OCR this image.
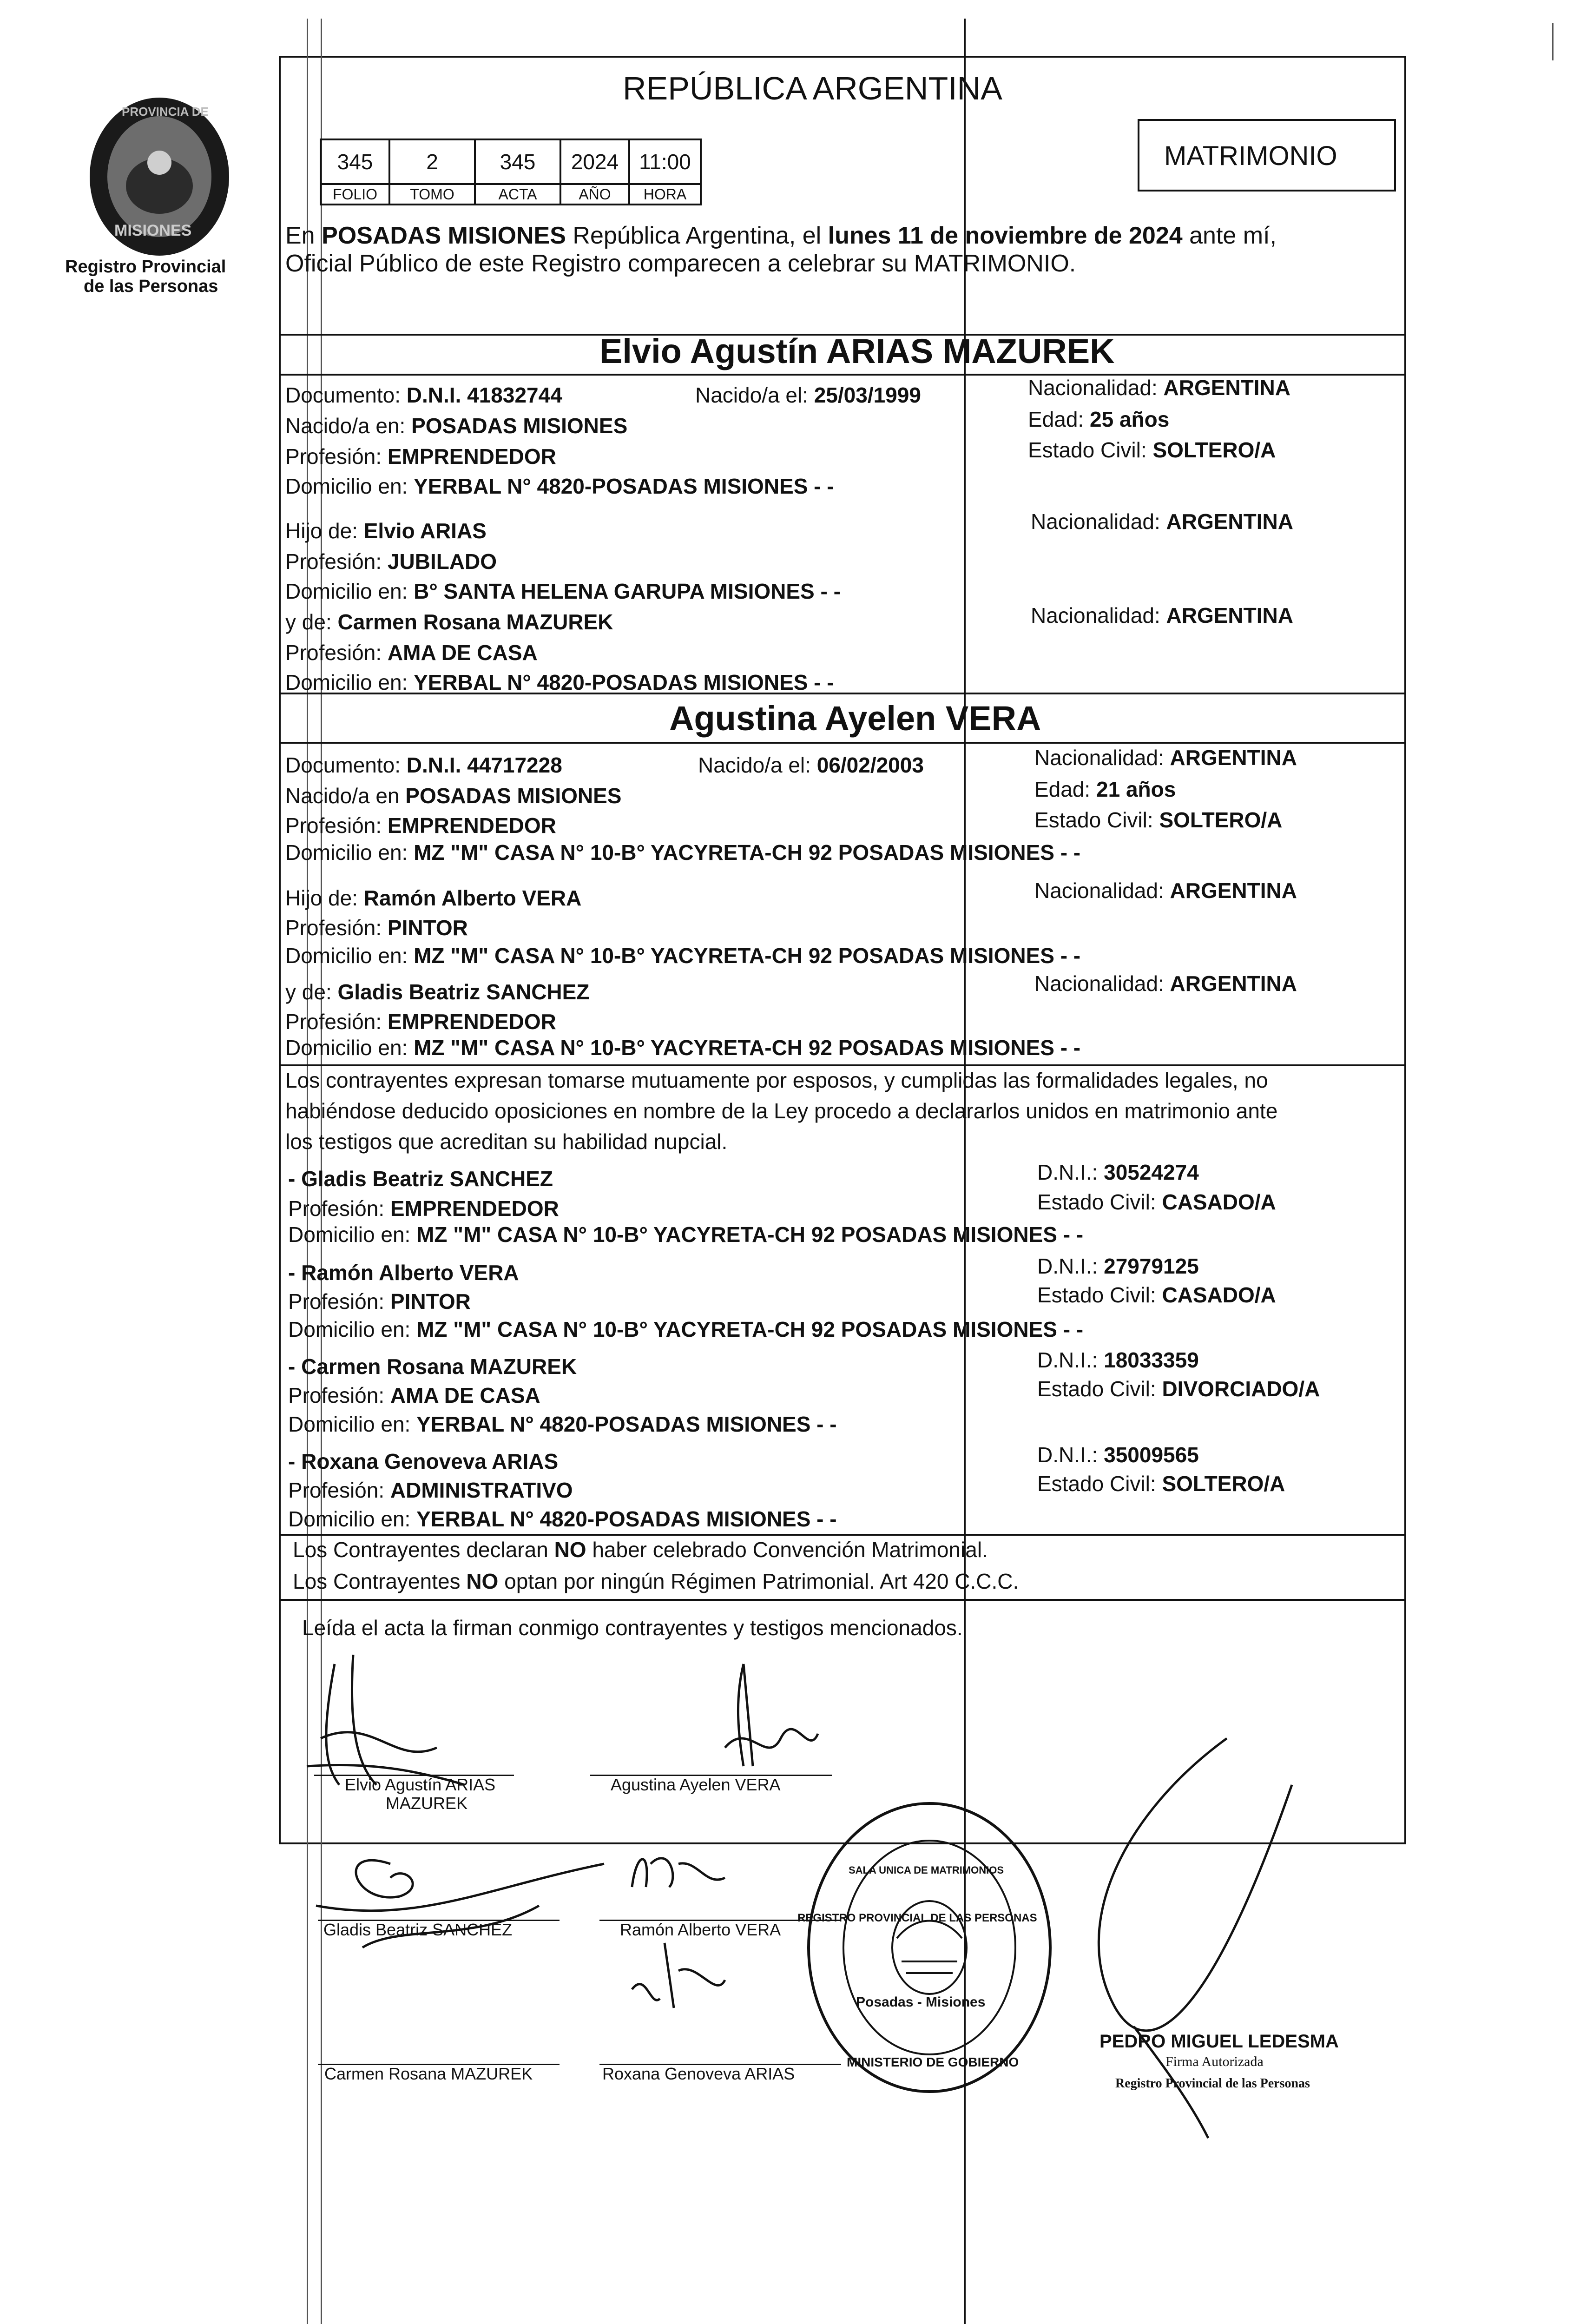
PROVINCIA DE
MISIONES
Registro Provincial
de las Personas
REPÚBLICA ARGENTINA
345	2	345	2024	11:00
FOLIO	TOMO	ACTA	AÑO	HORA
MATRIMONIO
En POSADAS MISIONES República Argentina, el lunes 11 de noviembre de 2024 ante mí,
Oficial Público de este Registro comparecen a celebrar su MATRIMONIO.
Elvio Agustín ARIAS MAZUREK
Documento: D.N.I. 41832744	Nacido/a el: 25/03/1999	Nacionalidad: ARGENTINA
Nacido/a en: POSADAS MISIONES	Edad: 25 años
Profesión: EMPRENDEDOR	Estado Civil: SOLTERO/A
Domicilio en: YERBAL N° 4820-POSADAS MISIONES - -
Hijo de: Elvio ARIAS	Nacionalidad: ARGENTINA
Profesión: JUBILADO
Domicilio en: B° SANTA HELENA GARUPA MISIONES - -
y de: Carmen Rosana MAZUREK	Nacionalidad: ARGENTINA
Profesión: AMA DE CASA
Domicilio en: YERBAL N° 4820-POSADAS MISIONES - -
Agustina Ayelen VERA
Documento: D.N.I. 44717228	Nacido/a el: 06/02/2003	Nacionalidad: ARGENTINA
Nacido/a en POSADAS MISIONES	Edad: 21 años
Profesión: EMPRENDEDOR	Estado Civil: SOLTERO/A
Domicilio en: MZ "M" CASA N° 10-B° YACYRETA-CH 92 POSADAS MISIONES - -
Hijo de: Ramón Alberto VERA	Nacionalidad: ARGENTINA
Profesión: PINTOR
Domicilio en: MZ "M" CASA N° 10-B° YACYRETA-CH 92 POSADAS MISIONES - -
y de: Gladis Beatriz SANCHEZ	Nacionalidad: ARGENTINA
Profesión: EMPRENDEDOR
Domicilio en: MZ "M" CASA N° 10-B° YACYRETA-CH 92 POSADAS MISIONES - -
Los contrayentes expresan tomarse mutuamente por esposos, y cumplidas las formalidades legales, no
habiéndose deducido oposiciones en nombre de la Ley procedo a declararlos unidos en matrimonio ante
los testigos que acreditan su habilidad nupcial.
- Gladis Beatriz SANCHEZ	D.N.I.: 30524274
Profesión: EMPRENDEDOR	Estado Civil: CASADO/A
Domicilio en: MZ "M" CASA N° 10-B° YACYRETA-CH 92 POSADAS MISIONES - -
- Ramón Alberto VERA	D.N.I.: 27979125
Profesión: PINTOR	Estado Civil: CASADO/A
Domicilio en: MZ "M" CASA N° 10-B° YACYRETA-CH 92 POSADAS MISIONES - -
- Carmen Rosana MAZUREK	D.N.I.: 18033359
Profesión: AMA DE CASA	Estado Civil: DIVORCIADO/A
Domicilio en: YERBAL N° 4820-POSADAS MISIONES - -
- Roxana Genoveva ARIAS	D.N.I.: 35009565
Profesión: ADMINISTRATIVO	Estado Civil: SOLTERO/A
Domicilio en: YERBAL N° 4820-POSADAS MISIONES - -
Los Contrayentes declaran NO haber celebrado Convención Matrimonial.
Los Contrayentes NO optan por ningún Régimen Patrimonial. Art 420 C.C.C.
Leída el acta la firman conmigo contrayentes y testigos mencionados.
Elvio Agustín ARIAS
MAZUREK
Agustina Ayelen VERA
Gladis Beatriz SANCHEZ	Ramón Alberto VERA
Carmen Rosana MAZUREK	Roxana Genoveva ARIAS
REGISTRO PROVINCIAL DE LAS PERSONAS
SALA UNICA DE MATRIMONIOS
Posadas - Misiones
MINISTERIO DE GOBIERNO
PEDRO MIGUEL LEDESMA
Firma Autorizada
Registro Provincial de las Personas
